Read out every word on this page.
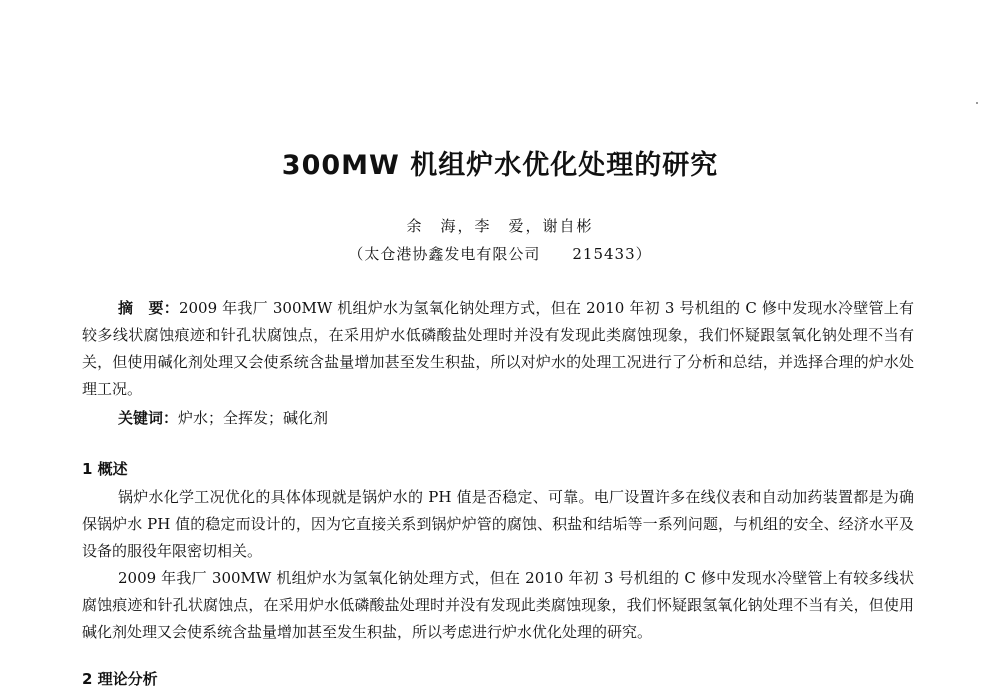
300MW 机组炉水优化处理的研究
余　海，李　爱，谢自彬
（太仓港协鑫发电有限公司　　215433）
摘　要：2009 年我厂 300MW 机组炉水为氢氧化钠处理方式，但在 2010 年初 3 号机组的 C 修中发现水冷壁管上有较多线状腐蚀痕迹和针孔状腐蚀点，在采用炉水低磷酸盐处理时并没有发现此类腐蚀现象，我们怀疑跟氢氧化钠处理不当有关，但使用碱化剂处理又会使系统含盐量增加甚至发生积盐，所以对炉水的处理工况进行了分析和总结，并选择合理的炉水处理工况。
关键词：炉水；全挥发；碱化剂
1 概述
锅炉水化学工况优化的具体体现就是锅炉水的 PH 值是否稳定、可靠。电厂设置许多在线仪表和自动加药装置都是为确保锅炉水 PH 值的稳定而设计的，因为它直接关系到锅炉炉管的腐蚀、积盐和结垢等一系列问题，与机组的安全、经济水平及设备的服役年限密切相关。
2009 年我厂 300MW 机组炉水为氢氧化钠处理方式，但在 2010 年初 3 号机组的 C 修中发现水冷壁管上有较多线状腐蚀痕迹和针孔状腐蚀点，在采用炉水低磷酸盐处理时并没有发现此类腐蚀现象，我们怀疑跟氢氧化钠处理不当有关，但使用碱化剂处理又会使系统含盐量增加甚至发生积盐，所以考虑进行炉水优化处理的研究。
2 理论分析
